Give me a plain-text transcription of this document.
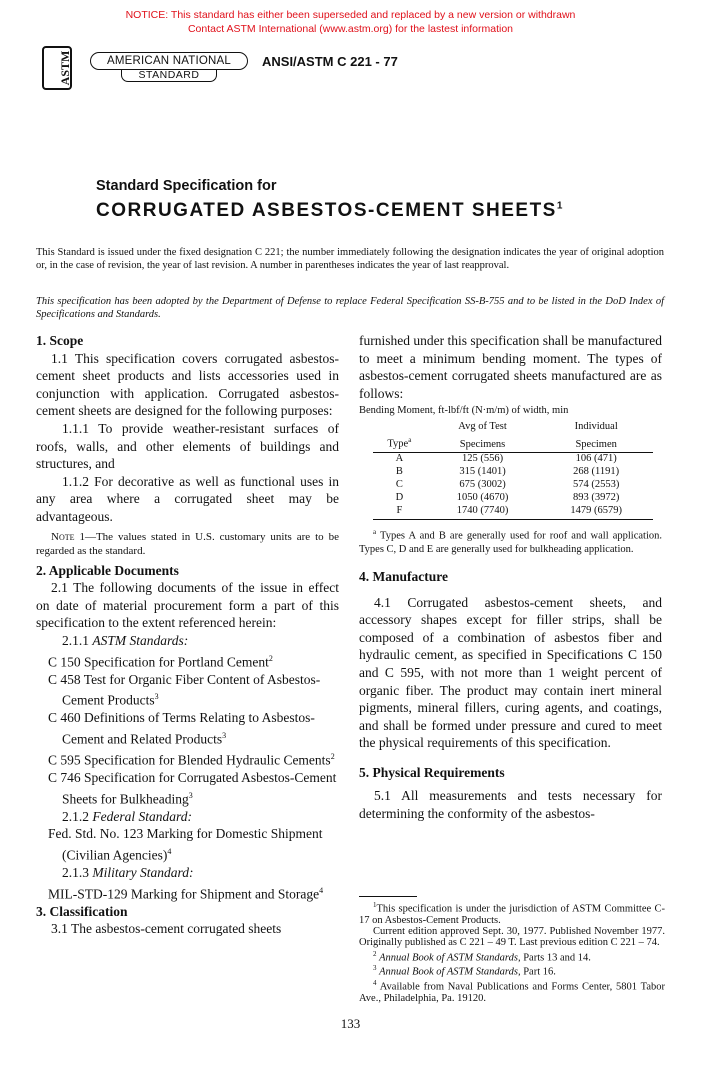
NOTICE: This standard has either been superseded and replaced by a new version or withdrawn
Contact ASTM International (www.astm.org) for the lastest information
ASTM	AMERICAN NATIONAL
STANDARD
ANSI/ASTM C 221 - 77
Standard Specification for
CORRUGATED ASBESTOS-CEMENT SHEETS$^1$

This Standard is issued under the fixed designation C 221; the number immediately following the designation indicates the year of original adoption or, in the case of revision, the year of last revision. A number in parentheses indicates the year of last reapproval.

This specification has been adopted by the Department of Defense to replace Federal Specification SS-B-755 and to be listed in the DoD Index of Specifications and Standards.

1. Scope

1.1 This specification covers corrugated asbestos-cement sheet products and lists accessories used in conjunction with application. Corrugated asbestos-cement sheets are designed for the following purposes:

1.1.1 To provide weather-resistant surfaces of roofs, walls, and other elements of buildings and structures, and

1.1.2 For decorative as well as functional uses in any area where a corrugated sheet may be advantageous.

Note 1—The values stated in U.S. customary units are to be regarded as the standard.

2. Applicable Documents

2.1 The following documents of the issue in effect on date of material procurement form a part of this specification to the extent referenced herein:

2.1.1 ASTM Standards:

C 150 Specification for Portland Cement$^2$

C 458 Test for Organic Fiber Content of Asbestos-Cement Products$^3$

C 460 Definitions of Terms Relating to Asbestos-Cement and Related Products$^3$

C 595 Specification for Blended Hydraulic Cements$^2$

C 746 Specification for Corrugated Asbestos-Cement Sheets for Bulkheading$^3$

2.1.2 Federal Standard:

Fed. Std. No. 123 Marking for Domestic Shipment (Civilian Agencies)$^4$

2.1.3 Military Standard:

MIL-STD-129 Marking for Shipment and Storage$^4$

3. Classification

3.1 The asbestos-cement corrugated sheets

furnished under this specification shall be manufactured to meet a minimum bending moment. The types of asbestos-cement corrugated sheets manufactured are as follows:

Bending Moment, ft-lbf/ft (N·m/m) of width, min

	Avg of Test	Individual
Type$^a$	Specimens	Specimen
A	125 (556)	106 (471)
B	315 (1401)	268 (1191)
C	675 (3002)	574 (2553)
D	1050 (4670)	893 (3972)
F	1740 (7740)	1479 (6579)

$^a$ Types A and B are generally used for roof and wall application. Types C, D and E are generally used for bulkheading application.

4. Manufacture

4.1 Corrugated asbestos-cement sheets, and accessory shapes except for filler strips, shall be composed of a combination of asbestos fiber and hydraulic cement, as specified in Specifications C 150 and C 595, with not more than 1 weight percent of organic fiber. The product may contain inert mineral pigments, mineral fillers, curing agents, and coatings, and shall be formed under pressure and cured to meet the physical requirements of this specification.

5. Physical Requirements

5.1 All measurements and tests necessary for determining the conformity of the asbestos-

$^1$This specification is under the jurisdiction of ASTM Committee C-17 on Asbestos-Cement Products.

Current edition approved Sept. 30, 1977. Published November 1977. Originally published as C 221 – 49 T. Last previous edition C 221 – 74.

$^2$ Annual Book of ASTM Standards, Parts 13 and 14.

$^3$ Annual Book of ASTM Standards, Part 16.

$^4$ Available from Naval Publications and Forms Center, 5801 Tabor Ave., Philadelphia, Pa. 19120.

133
